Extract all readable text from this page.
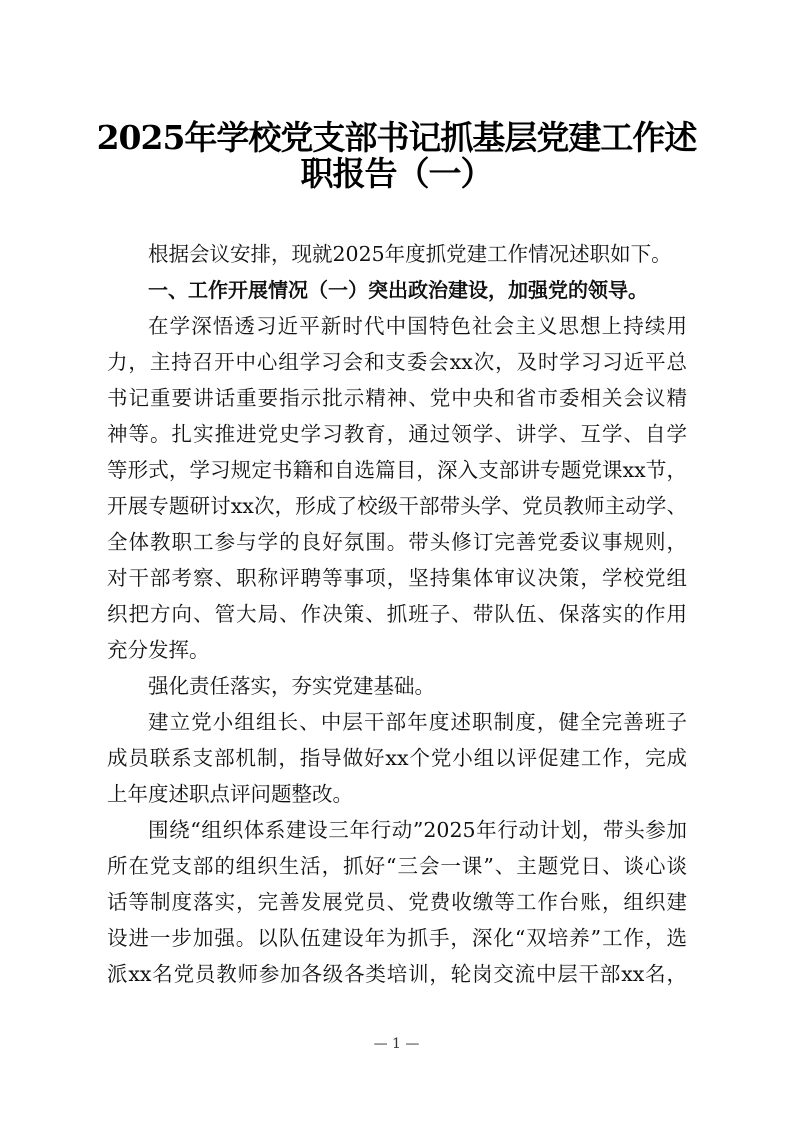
2025年学校党支部书记抓基层党建工作述
职报告（一）
根据会议安排，现就2025年度抓党建工作情况述职如下。
一、工作开展情况（一）突出政治建设，加强党的领导。
在学深悟透习近平新时代中国特色社会主义思想上持续用
力，主持召开中心组学习会和支委会xx次，及时学习习近平总
书记重要讲话重要指示批示精神、党中央和省市委相关会议精
神等。扎实推进党史学习教育，通过领学、讲学、互学、自学
等形式，学习规定书籍和自选篇目，深入支部讲专题党课xx节，
开展专题研讨xx次，形成了校级干部带头学、党员教师主动学、
全体教职工参与学的良好氛围。带头修订完善党委议事规则，
对干部考察、职称评聘等事项，坚持集体审议决策，学校党组
织把方向、管大局、作决策、抓班子、带队伍、保落实的作用
充分发挥。
强化责任落实，夯实党建基础。
建立党小组组长、中层干部年度述职制度，健全完善班子
成员联系支部机制，指导做好xx个党小组以评促建工作，完成
上年度述职点评问题整改。
围绕“组织体系建设三年行动”2025年行动计划，带头参加
所在党支部的组织生活，抓好“三会一课”、主题党日、谈心谈
话等制度落实，完善发展党员、党费收缴等工作台账，组织建
设进一步加强。以队伍建设年为抓手，深化“双培养”工作，选
派xx名党员教师参加各级各类培训，轮岗交流中层干部xx名，
— 1 —
